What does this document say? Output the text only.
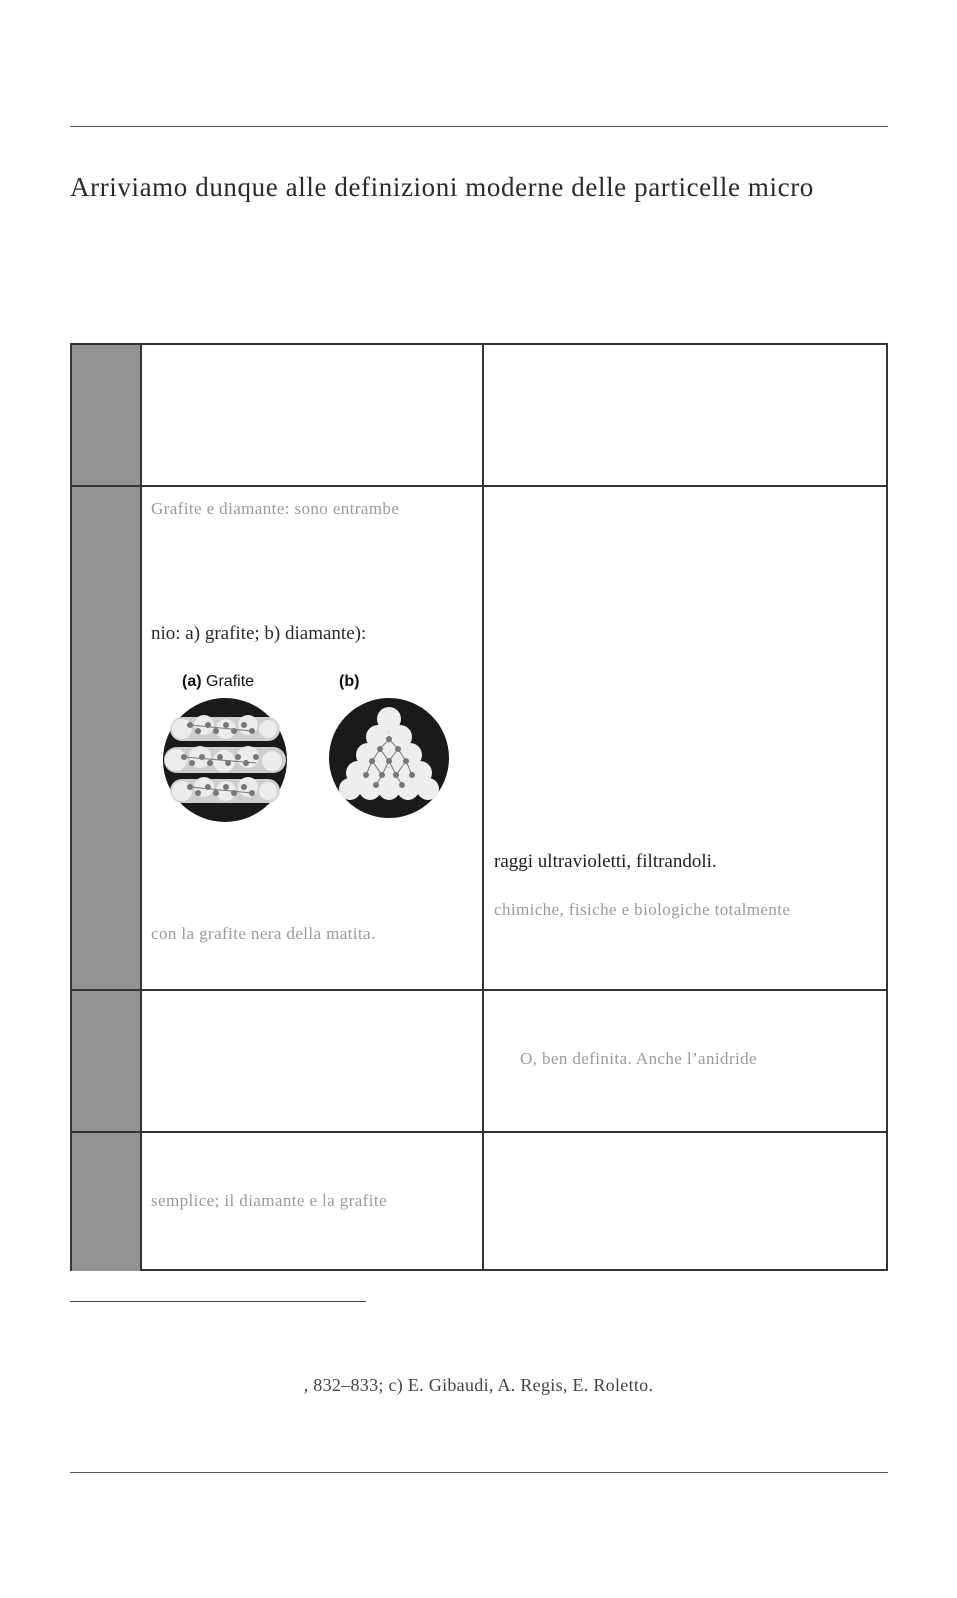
Arriviamo dunque alle definizioni moderne delle particelle micro
Grafite e diamante: sono entrambe
nio: a) grafite; b) diamante):
(a) Grafite	(b)
con la grafite nera della matita.
raggi ultravioletti, filtrandoli.
chimiche, fisiche e biologiche totalmente
O, ben definita. Anche l’anidride
semplice; il diamante e la grafite
, 832–833; c) E. Gibaudi, A. Regis, E. Roletto.
